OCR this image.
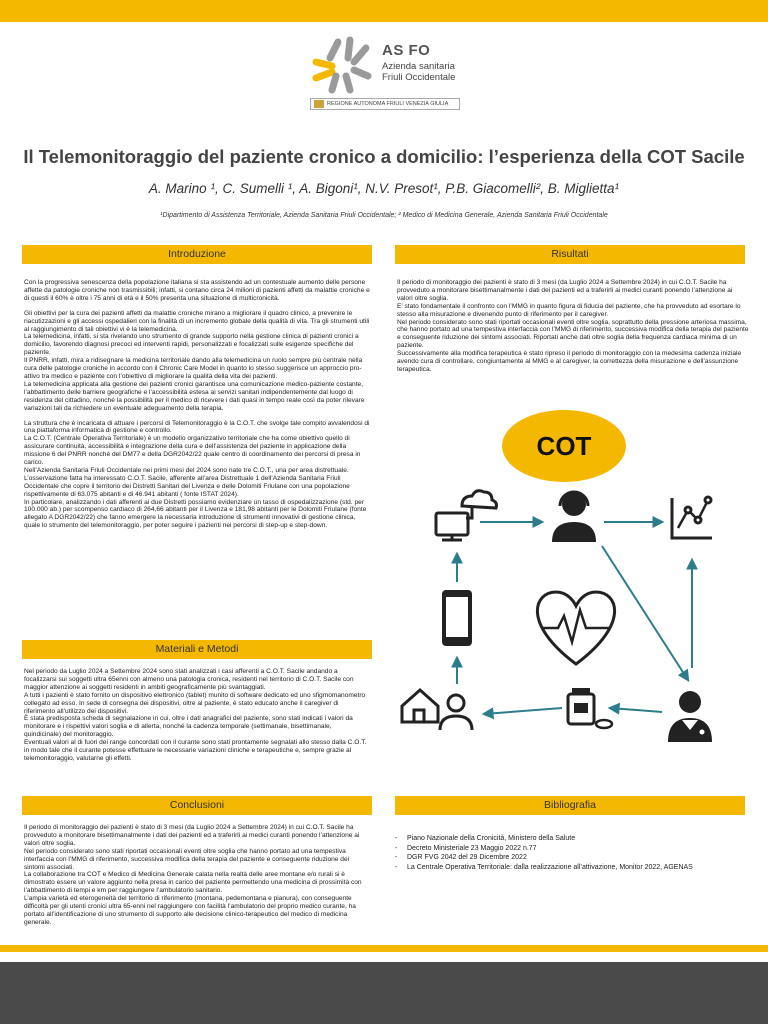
AS FO
Azienda sanitaria
Friuli Occidentale
REGIONE AUTONOMA FRIULI VENEZIA GIULIA
Il Telemonitoraggio del paziente cronico a domicilio: l’esperienza della COT Sacile
A. Marino ¹, C. Sumelli ¹, A. Bigoni¹, N.V. Presot¹, P.B. Giacomelli², B. Miglietta¹
¹Dipartimento di Assistenza Territoriale, Azienda Sanitaria Friuli Occidentale; ² Medico di Medicina Generale, Azienda Sanitaria Friuli Occidentale
Introduzione

Con la progressiva senescenza della popolazione italiana si sta assistendo ad un contestuale aumento delle persone affette da patologie croniche non trasmissibili; infatti, si contano circa 24 milioni di pazienti affetti da malattie croniche e di questi il 60% è oltre i 75 anni di età e il 50% presenta una situazione di multicronicità.

Gli obiettivi per la cura dei pazienti affetti da malattie croniche mirano a migliorare il quadro clinico, a prevenire le riacutizzazioni e gli accessi ospedalieri con la finalità di un incremento globale della qualità di vita. Tra gli strumenti utili al raggiungimento di tali obiettivi vi è la telemedicina.

La telemedicina, infatti, si sta rivelando uno strumento di grande supporto nella gestione clinica di pazienti cronici a domicilio, favorendo diagnosi precoci ed interventi rapidi, personalizzati e focalizzati sulle esigenze specifiche del paziente.

Il PNRR, infatti, mira a ridisegnare la medicina territoriale dando alla telemedicina un ruolo sempre più centrale nella cura delle patologie croniche in accordo con il Chronic Care Model in quanto lo stesso suggerisce un approccio pro-attivo tra medico e paziente con l’obiettivo di migliorare la qualità della vita dei pazienti.

La telemedicina applicata alla gestione dei pazienti cronici garantisce una comunicazione medico-paziente costante, l’abbattimento delle barriere geografiche e l’accessibilità estesa ai servizi sanitari indipendentemente dal luogo di residenza del cittadino, nonché la possibilità per il medico di ricevere i dati quasi in tempo reale così da poter rilevare variazioni tali da richiedere un eventuale adeguamento della terapia.

La struttura che è incaricata di attuare i percorsi di Telemonitoraggio è la C.O.T. che svolge tale compito avvalendosi di una piattaforma informatica di gestione e controllo.

La C.O.T. (Centrale Operativa Territoriale) è un modello organizzativo territoriale che ha come obiettivo quello di assicurare continuità, accessibilità e integrazione della cura e dell’assistenza del paziente in applicazione della missione 6 del PNRR nonché del DM77 e della DGR2042/22 quale centro di coordinamento dei percorsi di presa in carico.

Nell’Azienda Sanitaria Friuli Occidentale nei primi mesi del 2024 sono nate tre C.O.T., una per area distrettuale.

L’osservazione fatta ha interessato C.O.T. Sacile, afferente all’area Distrettuale 1 dell’Azienda Sanitaria Friuli Occidentale che copre il territorio dei Distretti Sanitari del Livenza e delle Dolomiti Friulane con una popolazione rispettivamente di 63.075 abitanti e di 46.941 abitanti ( fonte ISTAT 2024).

In particolare, analizzando i dati afferenti ai due Distretti possiamo evidenziare un tasso di ospedalizzazione (std. per 100.000 ab.) per scompenso cardiaco di 264,66 abitanti per il Livenza e 181,98 abitanti per le Dolomiti Friulane (fonte allegato A DGR2042/22) che fanno emergere la necessaria introduzione di strumenti innovativi di gestione clinica, quale lo strumento del telemonitoraggio, per poter seguire i pazienti nei percorsi di step-up e step-down.

Materiali e Metodi

Nel periodo da Luglio 2024 a Settembre 2024 sono stati analizzati i casi afferenti a C.O.T. Sacile andando a focalizzarsi sui soggetti ultra 65enni con almeno una patologia cronica, residenti nel territorio di C.O.T. Sacile con maggior attenzione ai soggetti residenti in ambiti geograficamente più svantaggiati.

A tutti i pazienti è stato fornito un dispositivo elettronico (tablet) munito di software dedicato ed uno sfigmomanometro collegato ad esso. In sede di consegna dei dispositivi, oltre al paziente, è stato educato anche il caregiver di riferimento all’utilizzo dei dispositivi.

È stata predisposta scheda di segnalazione in cui, oltre i dati anagrafici del paziente, sono stati indicati i valori da monitorare e i rispettivi valori soglia e di allerta, nonché la cadenza temporale (settimanale, bisettimanale, quindicinale) del monitoraggio.

Eventuali valori al di fuori dei range concordati con il curante sono stati prontamente segnalati allo stesso dalla C.O.T. in modo tale che il curante potesse effettuare le necessarie variazioni cliniche e terapeutiche e, sempre grazie al telemonitoraggio, valutarne gli effetti.

Conclusioni

Il periodo di monitoraggio dei pazienti è stato di 3 mesi (da Luglio 2024 a Settembre 2024) in cui C.O.T. Sacile ha provveduto a monitorare bisettimanalmente i dati dei pazienti ed a traferirli ai medici curanti ponendo l’attenzione ai valori oltre soglia.

Nel periodo considerato sono stati riportati occasionali eventi oltre soglia che hanno portato ad una tempestiva interfaccia con l’MMG di riferimento, successiva modifica della terapia del paziente e conseguente riduzione dei sintomi associati.

La collaborazione tra COT e Medico di Medicina Generale calata nella realtà delle aree montane e/o rurali si è dimostrato essere un valore aggiunto nella presa in carico del paziente permettendo una medicina di prossimità con l’abbattimento di tempi e km per raggiungere l’ambulatorio sanitario.

L’ampia varietà ed eterogeneità del territorio di riferimento (montana, pedemontana e pianura), con conseguente difficoltà per gli utenti cronici ultra 65-enni nel raggiungere con facilità l’ambulatorio del proprio medico curante, ha portato all’identificazione di uno strumento di supporto alle decisione clinico-terapeutico del medico di medicina generale.

Risultati

Il periodo di monitoraggio dei pazienti è stato di 3 mesi (da Luglio 2024 a Settembre 2024) in cui C.O.T. Sacile ha provveduto a monitorare bisettimanalmente i dati dei pazienti ed a traferirli ai medici curanti ponendo l’attenzione ai valori oltre soglia.

E’ stato fondamentale il confronto con l’MMG in quanto figura di fiducia del paziente, che ha provveduto ad esortare lo stesso alla misurazione e divenendo punto di riferimento per il caregiver.

Nel periodo considerato sono stati riportati occasionali eventi oltre soglia, soprattutto della pressione arteriosa massima, che hanno portato ad una tempestiva interfaccia con l’MMG di riferimento, successiva modifica della terapia del paziente e conseguente riduzione dei sintomi associati. Riportati anche dati oltre soglia della frequenza cardiaca minima di un paziente.

Successivamente alla modifica terapeutica è stato ripreso il periodo di monitoraggio con la medesima cadenza iniziale avendo cura di controllare, congiuntamente al MMG e al caregiver, la correttezza della misurazione e dell’assunzione terapeutica.

COT
Bibliografia
- Piano Nazionale della Cronicità, Ministero della Salute
- Decreto Ministeriale 23 Maggio 2022 n.77
- DGR FVG 2042 del 29 Dicembre 2022
- La Centrale Operativa Territoriale: dalla realizzazione all’attivazione, Monitor 2022, AGENAS
